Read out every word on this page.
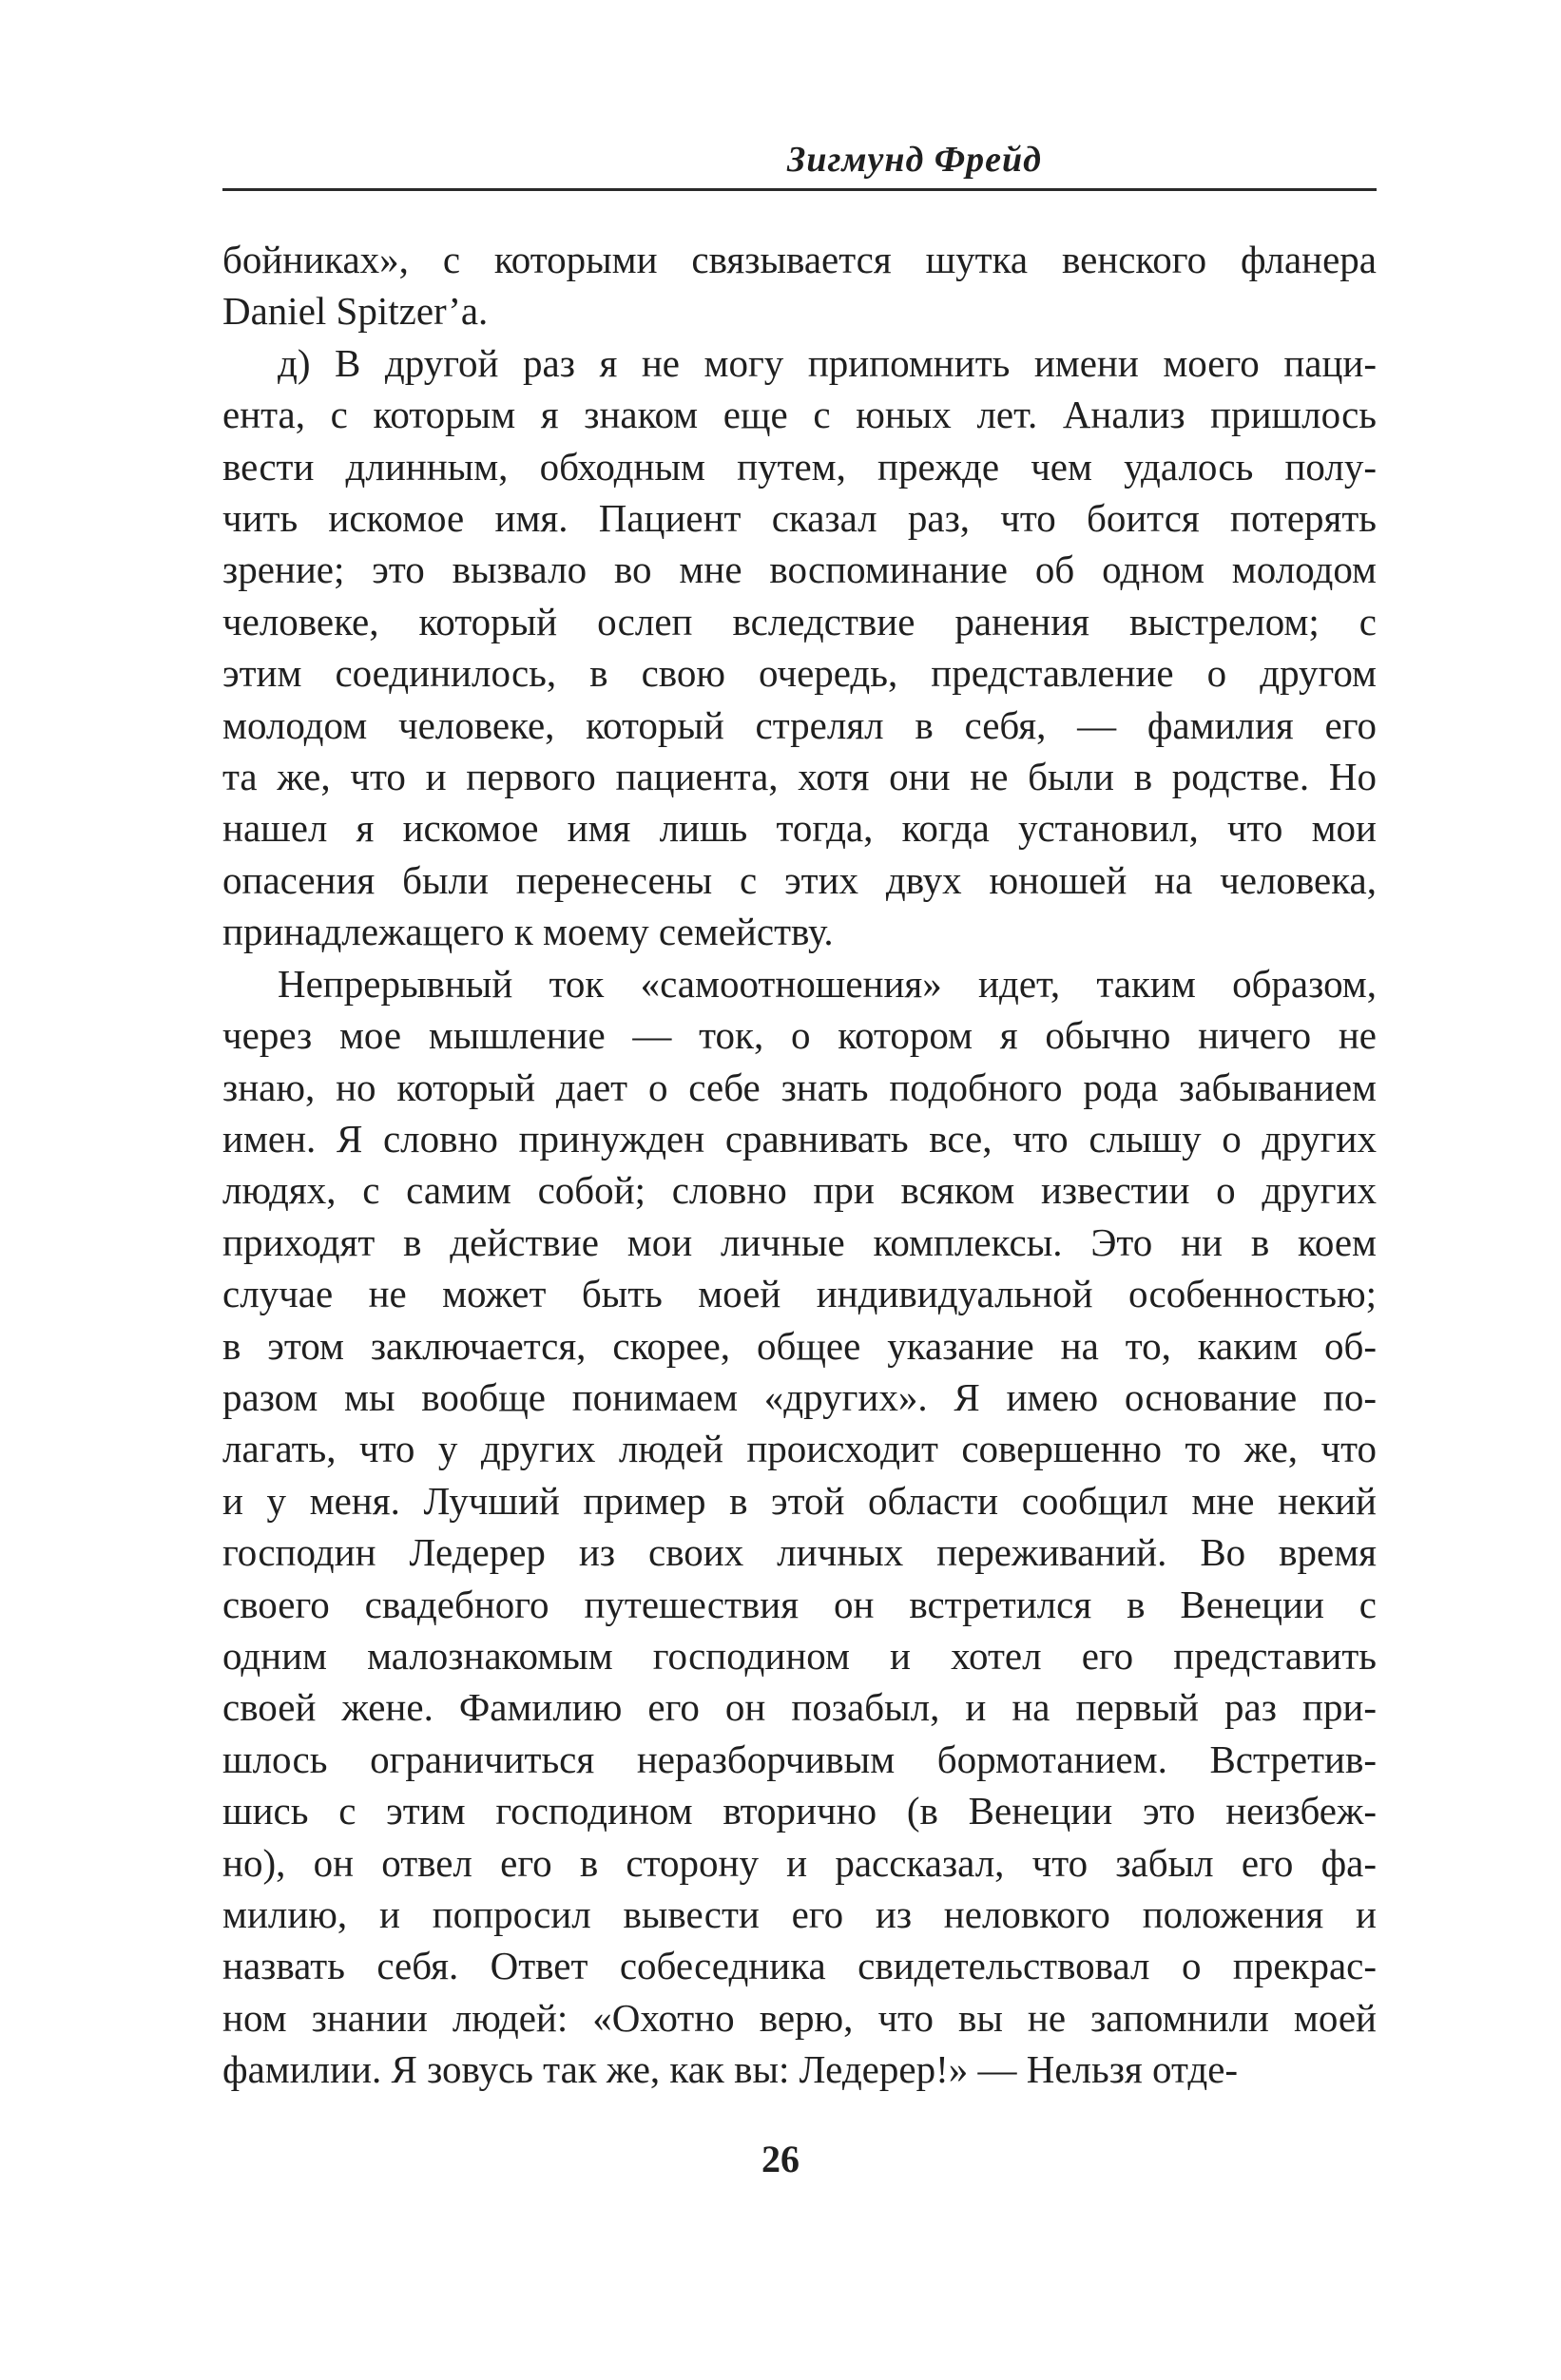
Зигмунд Фрейд

бойниках», с которыми связывается шутка венского фланера

Daniel Spitzer’a.

д) В другой раз я не могу припомнить имени моего паци-

ента, с которым я знаком еще с юных лет. Анализ пришлось

вести длинным, обходным путем, прежде чем удалось полу-

чить искомое имя. Пациент сказал раз, что боится потерять

зрение; это вызвало во мне воспоминание об одном молодом

человеке, который ослеп вследствие ранения выстрелом; с

этим соединилось, в свою очередь, представление о другом

молодом человеке, который стрелял в себя, — фамилия его

та же, что и первого пациента, хотя они не были в родстве. Но

нашел я искомое имя лишь тогда, когда установил, что мои

опасения были перенесены с этих двух юношей на человека,

принадлежащего к моему семейству.

Непрерывный ток «самоотношения» идет, таким образом,

через мое мышление — ток, о котором я обычно ничего не

знаю, но который дает о себе знать подобного рода забыванием

имен. Я словно принужден сравнивать все, что слышу о других

людях, с самим собой; словно при всяком известии о других

приходят в действие мои личные комплексы. Это ни в коем

случае не может быть моей индивидуальной особенностью;

в этом заключается, скорее, общее указание на то, каким об-

разом мы вообще понимаем «других». Я имею основание по-

лагать, что у других людей происходит совершенно то же, что

и у меня. Лучший пример в этой области сообщил мне некий

господин Ледерер из своих личных переживаний. Во время

своего свадебного путешествия он встретился в Венеции с

одним малознакомым господином и хотел его представить

своей жене. Фамилию его он позабыл, и на первый раз при-

шлось ограничиться неразборчивым бормотанием. Встретив-

шись с этим господином вторично (в Венеции это неизбеж-

но), он отвел его в сторону и рассказал, что забыл его фа-

милию, и попросил вывести его из неловкого положения и

назвать себя. Ответ собеседника свидетельствовал о прекрас-

ном знании людей: «Охотно верю, что вы не запомнили моей

фамилии. Я зовусь так же, как вы: Ледерер!» — Нельзя отде-

26
